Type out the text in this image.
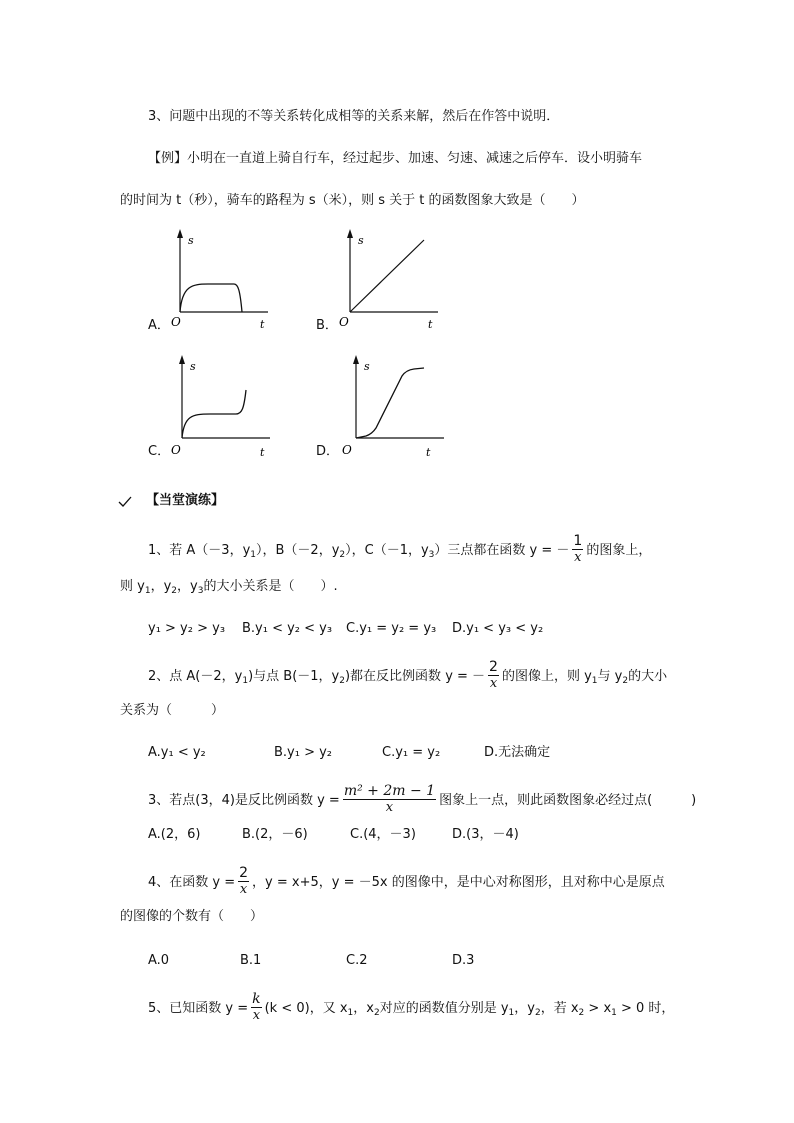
3、问题中出现的不等关系转化成相等的关系来解，然后在作答中说明．
【例】小明在一直道上骑自行车，经过起步、加速、匀速、减速之后停车．设小明骑车
的时间为 t（秒），骑车的路程为 s（米），则 s 关于 t 的函数图象大致是（　　）
A．
s
t
O	B．
s
t
O
C．
s
t
O	D．
s
t
O
【当堂演练】
1、若 A（－3，$y_1$），B（－2，$y_2$），C（－1，$y_3$）三点都在函数 y = － $\frac{1}{x}$ 的图象上，
则 $y_1$，$y_2$，$y_3$的大小关系是（　　）.
y₁ > y₂ > y₃ B.y₁ < y₂ < y₃ C.y₁ = y₂ = y₃ D.y₁ < y₃ < y₂
2、点 A(－2，$y_1$)与点 B(－1，$y_2$)都在反比例函数 y = － $\frac{2}{x}$ 的图像上，则 $y_1$与 $y_2$的大小
关系为（　　　）
A.y₁ < y₂	B.y₁ > y₂	C.y₁ = y₂	D.无法确定
3、若点(3，4)是反比例函数 $y = \frac{\text{m² + 2m − 1}}{x}$ 图象上一点，则此函数图象必经过点(　　　)
A.(2，6)	B.(2，－6)	C.(4，－3)	D.(3，－4)
4、在函数 $y = \frac{2}{x}$ ，y = x+5，y = －5x 的图像中，是中心对称图形，且对称中心是原点
的图像的个数有（　　）
A.0	B.1	C.2	D.3
5、已知函数 $y = \frac{k}{x} (k < 0)$，又 $x_1$，$x_2$对应的函数值分别是 $y_1$，$y_2$，若 $x_2 > x_1 > 0$ 时，
